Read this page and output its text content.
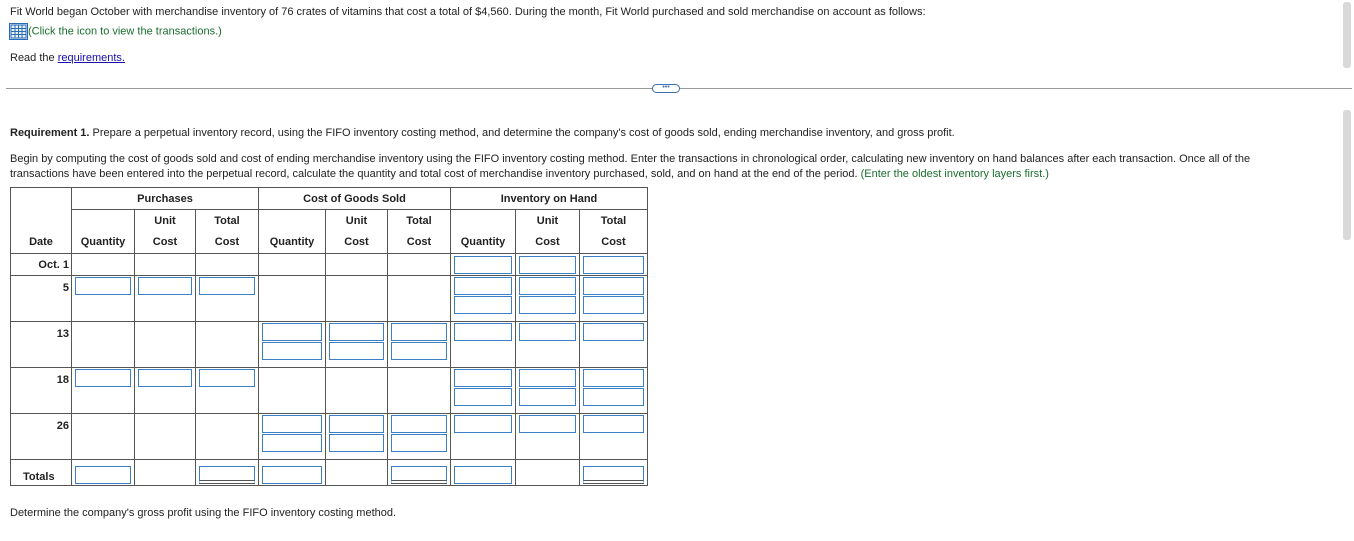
Fit World began October with merchandise inventory of 76 crates of vitamins that cost a total of $4,560. During the month, Fit World purchased and sold merchandise on account as follows:
(Click the icon to view the transactions.)
Read the requirements.
•••
Requirement 1. Prepare a perpetual inventory record, using the FIFO inventory costing method, and determine the company's cost of goods sold, ending merchandise inventory, and gross profit.
Begin by computing the cost of goods sold and cost of ending merchandise inventory using the FIFO inventory costing method. Enter the transactions in chronological order, calculating new inventory on hand balances after each transaction. Once all of the
transactions have been entered into the perpetual record, calculate the quantity and total cost of merchandise inventory purchased, sold, and on hand at the end of the period. (Enter the oldest inventory layers first.)
	Purchases			Cost of Goods Sold			Inventory on Hand		
		Unit	Total		Unit	Total		Unit	Total
Date	Quantity	Cost	Cost	Quantity	Cost	Cost	Quantity	Cost	Cost
Oct. 1							

5	

13				

18	

26				

Totals	

Determine the company's gross profit using the FIFO inventory costing method.
